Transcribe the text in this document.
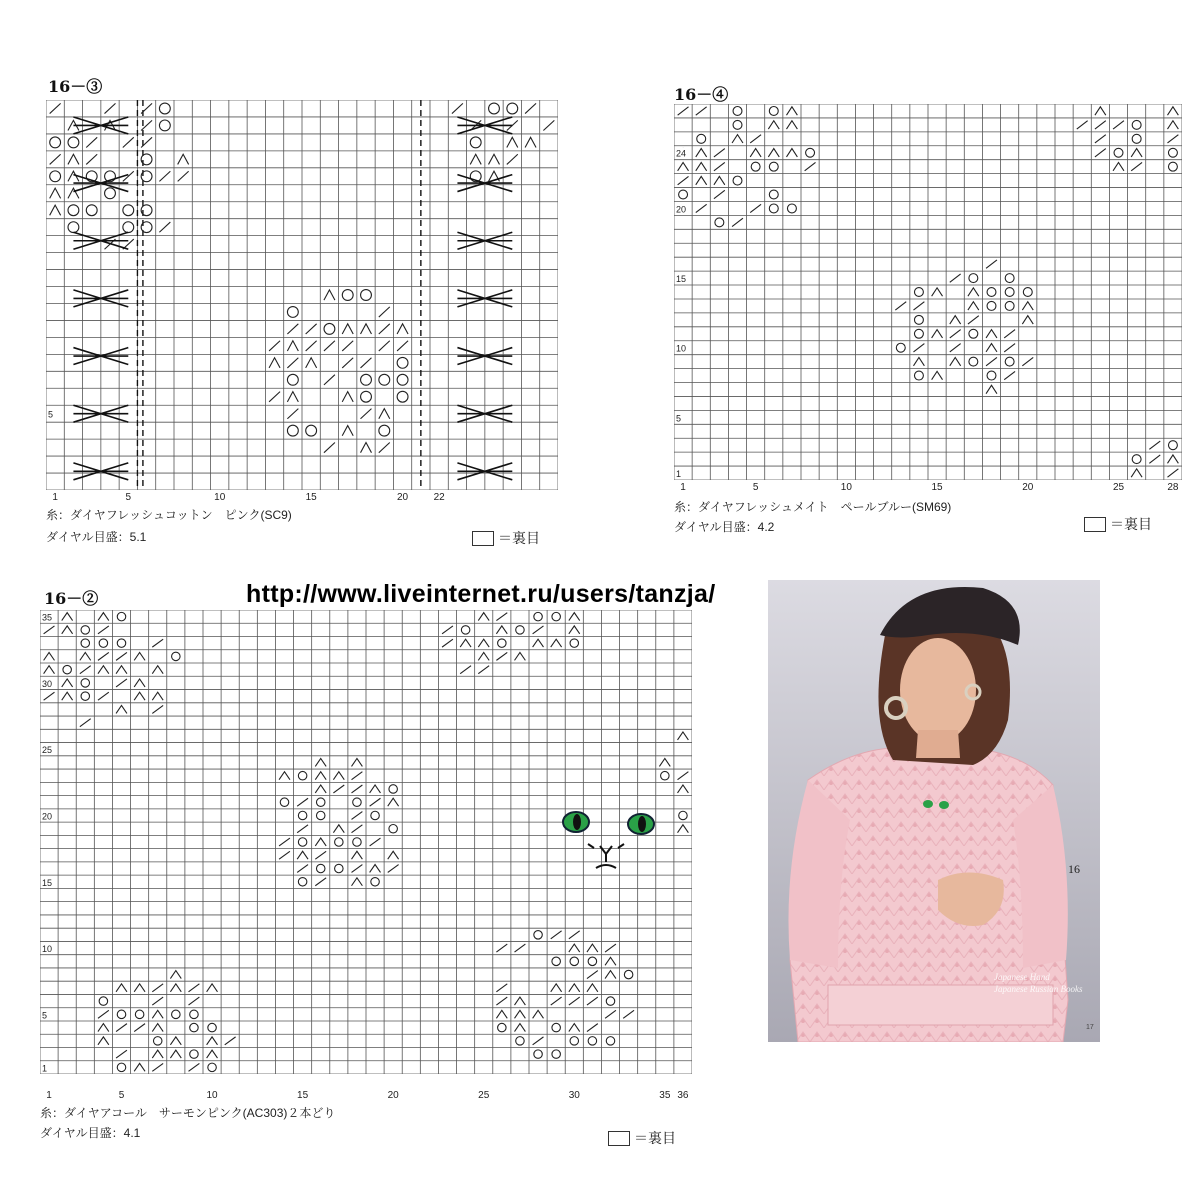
16－③
5
1	5	10	15	20	22
糸：ダイヤフレッシュコットン　ピンク(SC9)
ダイヤル目盛：5.1	＝裏目
16－④
1
5
10
15
20
24
1	5	10	15	20	25	28
糸：ダイヤフレッシュメイト　ペールブルー(SM69)
ダイヤル目盛：4.2	＝裏目
http://www.liveinternet.ru/users/tanzja/
16－②
1
5
10
15
20
25
30
35
1	5	10	15	20	25	30	35 36
糸：ダイヤアコール　サーモンピンク(AC303)２本どり
ダイヤル目盛：4.1	＝裏目
16
Japanese Hand
Japanese Russian Books
17
